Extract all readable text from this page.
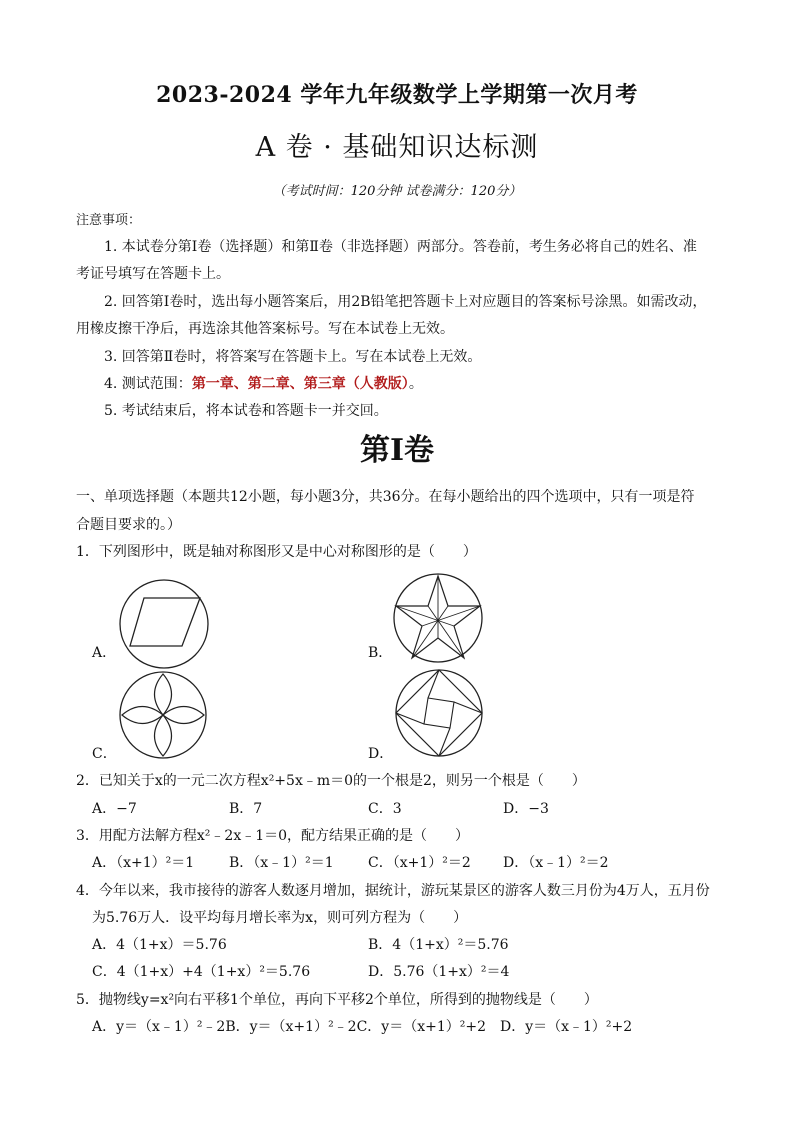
2023-2024 学年九年级数学上学期第一次月考
A 卷 · 基础知识达标测
（考试时间：120分钟 试卷满分：120分）
注意事项：
1. 本试卷分第Ⅰ卷（选择题）和第Ⅱ卷（非选择题）两部分。答卷前，考生务必将自己的姓名、准
考证号填写在答题卡上。
2. 回答第Ⅰ卷时，选出每小题答案后，用2B铅笔把答题卡上对应题目的答案标号涂黑。如需改动，
用橡皮擦干净后，再选涂其他答案标号。写在本试卷上无效。
3. 回答第Ⅱ卷时，将答案写在答题卡上。写在本试卷上无效。
4. 测试范围：第一章、第二章、第三章（人教版）。
5. 考试结束后，将本试卷和答题卡一并交回。
第Ⅰ卷
一、单项选择题（本题共12小题，每小题3分，共36分。在每小题给出的四个选项中，只有一项是符
合题目要求的。）
1．下列图形中，既是轴对称图形又是中心对称图形的是（　　）
A．	B．
C．	D．
2．已知关于x的一元二次方程x²+5x﹣m＝0的一个根是2，则另一个根是（　　）
A．−7	B．7	C．3	D．−3
3．用配方法解方程x²﹣2x﹣1＝0，配方结果正确的是（　　）
A．（x+1）²＝1 B．（x﹣1）²＝1 C．（x+1）²＝2 D．（x﹣1）²＝2
4．今年以来，我市接待的游客人数逐月增加，据统计，游玩某景区的游客人数三月份为4万人，五月份
为5.76万人．设平均每月增长率为x，则可列方程为（　　）
A．4（1+x）＝5.76	B．4（1+x）²＝5.76
C．4（1+x）+4（1+x）²＝5.76	D．5.76（1+x）²＝4
5．抛物线y=x²向右平移1个单位，再向下平移2个单位，所得到的抛物线是（　　）
A．y＝（x﹣1）²﹣2B．y＝（x+1）²﹣2C．y＝（x+1）²+2 D．y＝（x﹣1）²+2
